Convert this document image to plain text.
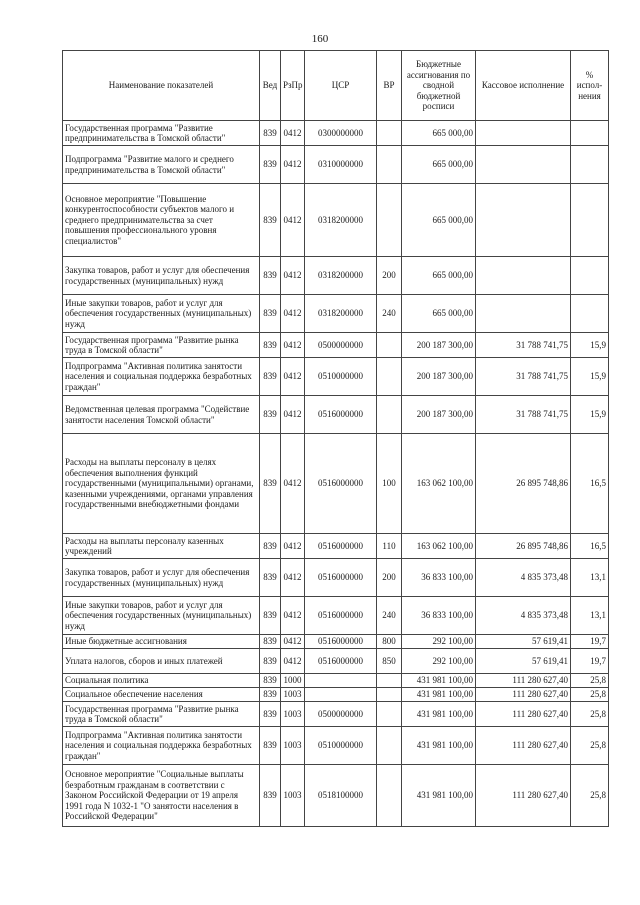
160
Наименование показателей	Вед	РзПр	ЦСР	ВР	Бюджетные ассигнования по сводной бюджетной росписи	Кассовое исполнение	% испол-нения
Государственная программа "Развитие предпринимательства в Томской области"	839	0412	0300000000		665 000,00		
Подпрограмма "Развитие малого и среднего предпринимательства в Томской области"	839	0412	0310000000		665 000,00		
Основное мероприятие "Повышение конкурентоспособности субъектов малого и среднего предпринимательства за счет повышения профессионального уровня специалистов"	839	0412	0318200000		665 000,00		
Закупка товаров, работ и услуг для обеспечения государственных (муниципальных) нужд	839	0412	0318200000	200	665 000,00		
Иные закупки товаров, работ и услуг для обеспечения государственных (муниципальных) нужд	839	0412	0318200000	240	665 000,00		
Государственная программа "Развитие рынка труда в Томской области"	839	0412	0500000000		200 187 300,00	31 788 741,75	15,9
Подпрограмма "Активная политика занятости населения и социальная поддержка безработных граждан"	839	0412	0510000000		200 187 300,00	31 788 741,75	15,9
Ведомственная целевая программа "Содействие занятости населения Томской области"	839	0412	0516000000		200 187 300,00	31 788 741,75	15,9
Расходы на выплаты персоналу в целях обеспечения выполнения функций государственными (муниципальными) органами, казенными учреждениями, органами управления государственными внебюджетными фондами	839	0412	0516000000	100	163 062 100,00	26 895 748,86	16,5
Расходы на выплаты персоналу казенных учреждений	839	0412	0516000000	110	163 062 100,00	26 895 748,86	16,5
Закупка товаров, работ и услуг для обеспечения государственных (муниципальных) нужд	839	0412	0516000000	200	36 833 100,00	4 835 373,48	13,1
Иные закупки товаров, работ и услуг для обеспечения государственных (муниципальных) нужд	839	0412	0516000000	240	36 833 100,00	4 835 373,48	13,1
Иные бюджетные ассигнования	839	0412	0516000000	800	292 100,00	57 619,41	19,7
Уплата налогов, сборов и иных платежей	839	0412	0516000000	850	292 100,00	57 619,41	19,7
Социальная политика	839	1000			431 981 100,00	111 280 627,40	25,8
Социальное обеспечение населения	839	1003			431 981 100,00	111 280 627,40	25,8
Государственная программа "Развитие рынка труда в Томской области"	839	1003	0500000000		431 981 100,00	111 280 627,40	25,8
Подпрограмма "Активная политика занятости населения и социальная поддержка безработных граждан"	839	1003	0510000000		431 981 100,00	111 280 627,40	25,8
Основное мероприятие "Социальные выплаты безработным гражданам в соответствии с Законом Российской Федерации от 19 апреля 1991 года N 1032-1 "О занятости населения в Российской Федерации"	839	1003	0518100000		431 981 100,00	111 280 627,40	25,8
